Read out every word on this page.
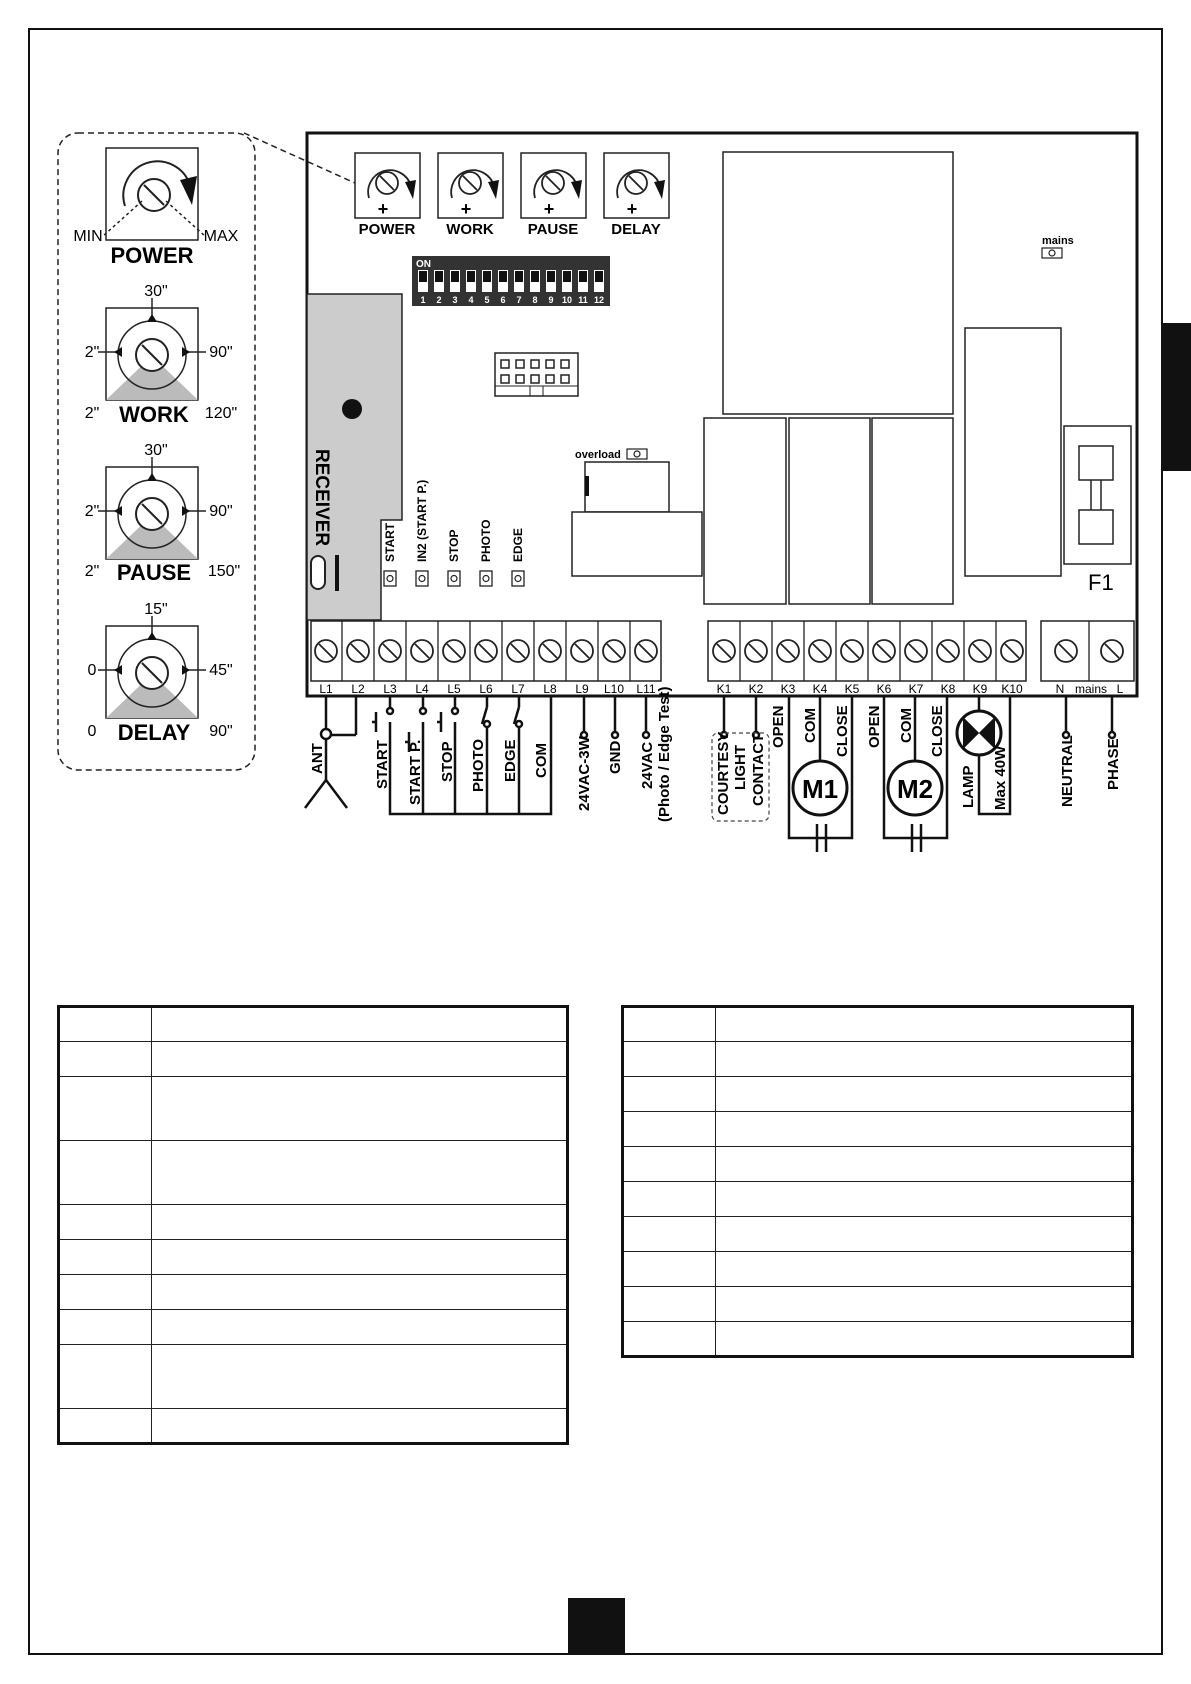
MIN	MAX
POWER
30"
2"	90"
2"	120"
WORK
30"
2"	90"
2"	150"
PAUSE
15"
0	45"
0	90"
DELAY
+
POWER
+
WORK
+
PAUSE
+
DELAY
ON
1 2 3 4 5 6 7 8 9 10 11 12
RECEIVER	START IN2 (START P.) STOP PHOTO EDGE
overload
mains
F1
L1 L2 L3 L4 L5 L6 L7 L8 L9 L10 L11	K1 K2 K3 K4 K5 K6 K7 K8 K9 K10	N mains L
M1 M2
ANT	START START P. STOP PHOTO EDGE COM 24VAC-3W GND 24VAC (Photo / Edge Test)	COURTESY LIGHT CONTACT
OPEN COM CLOSE OPEN COM CLOSE
LAMP Max 40W	NEUTRAL PHASE
